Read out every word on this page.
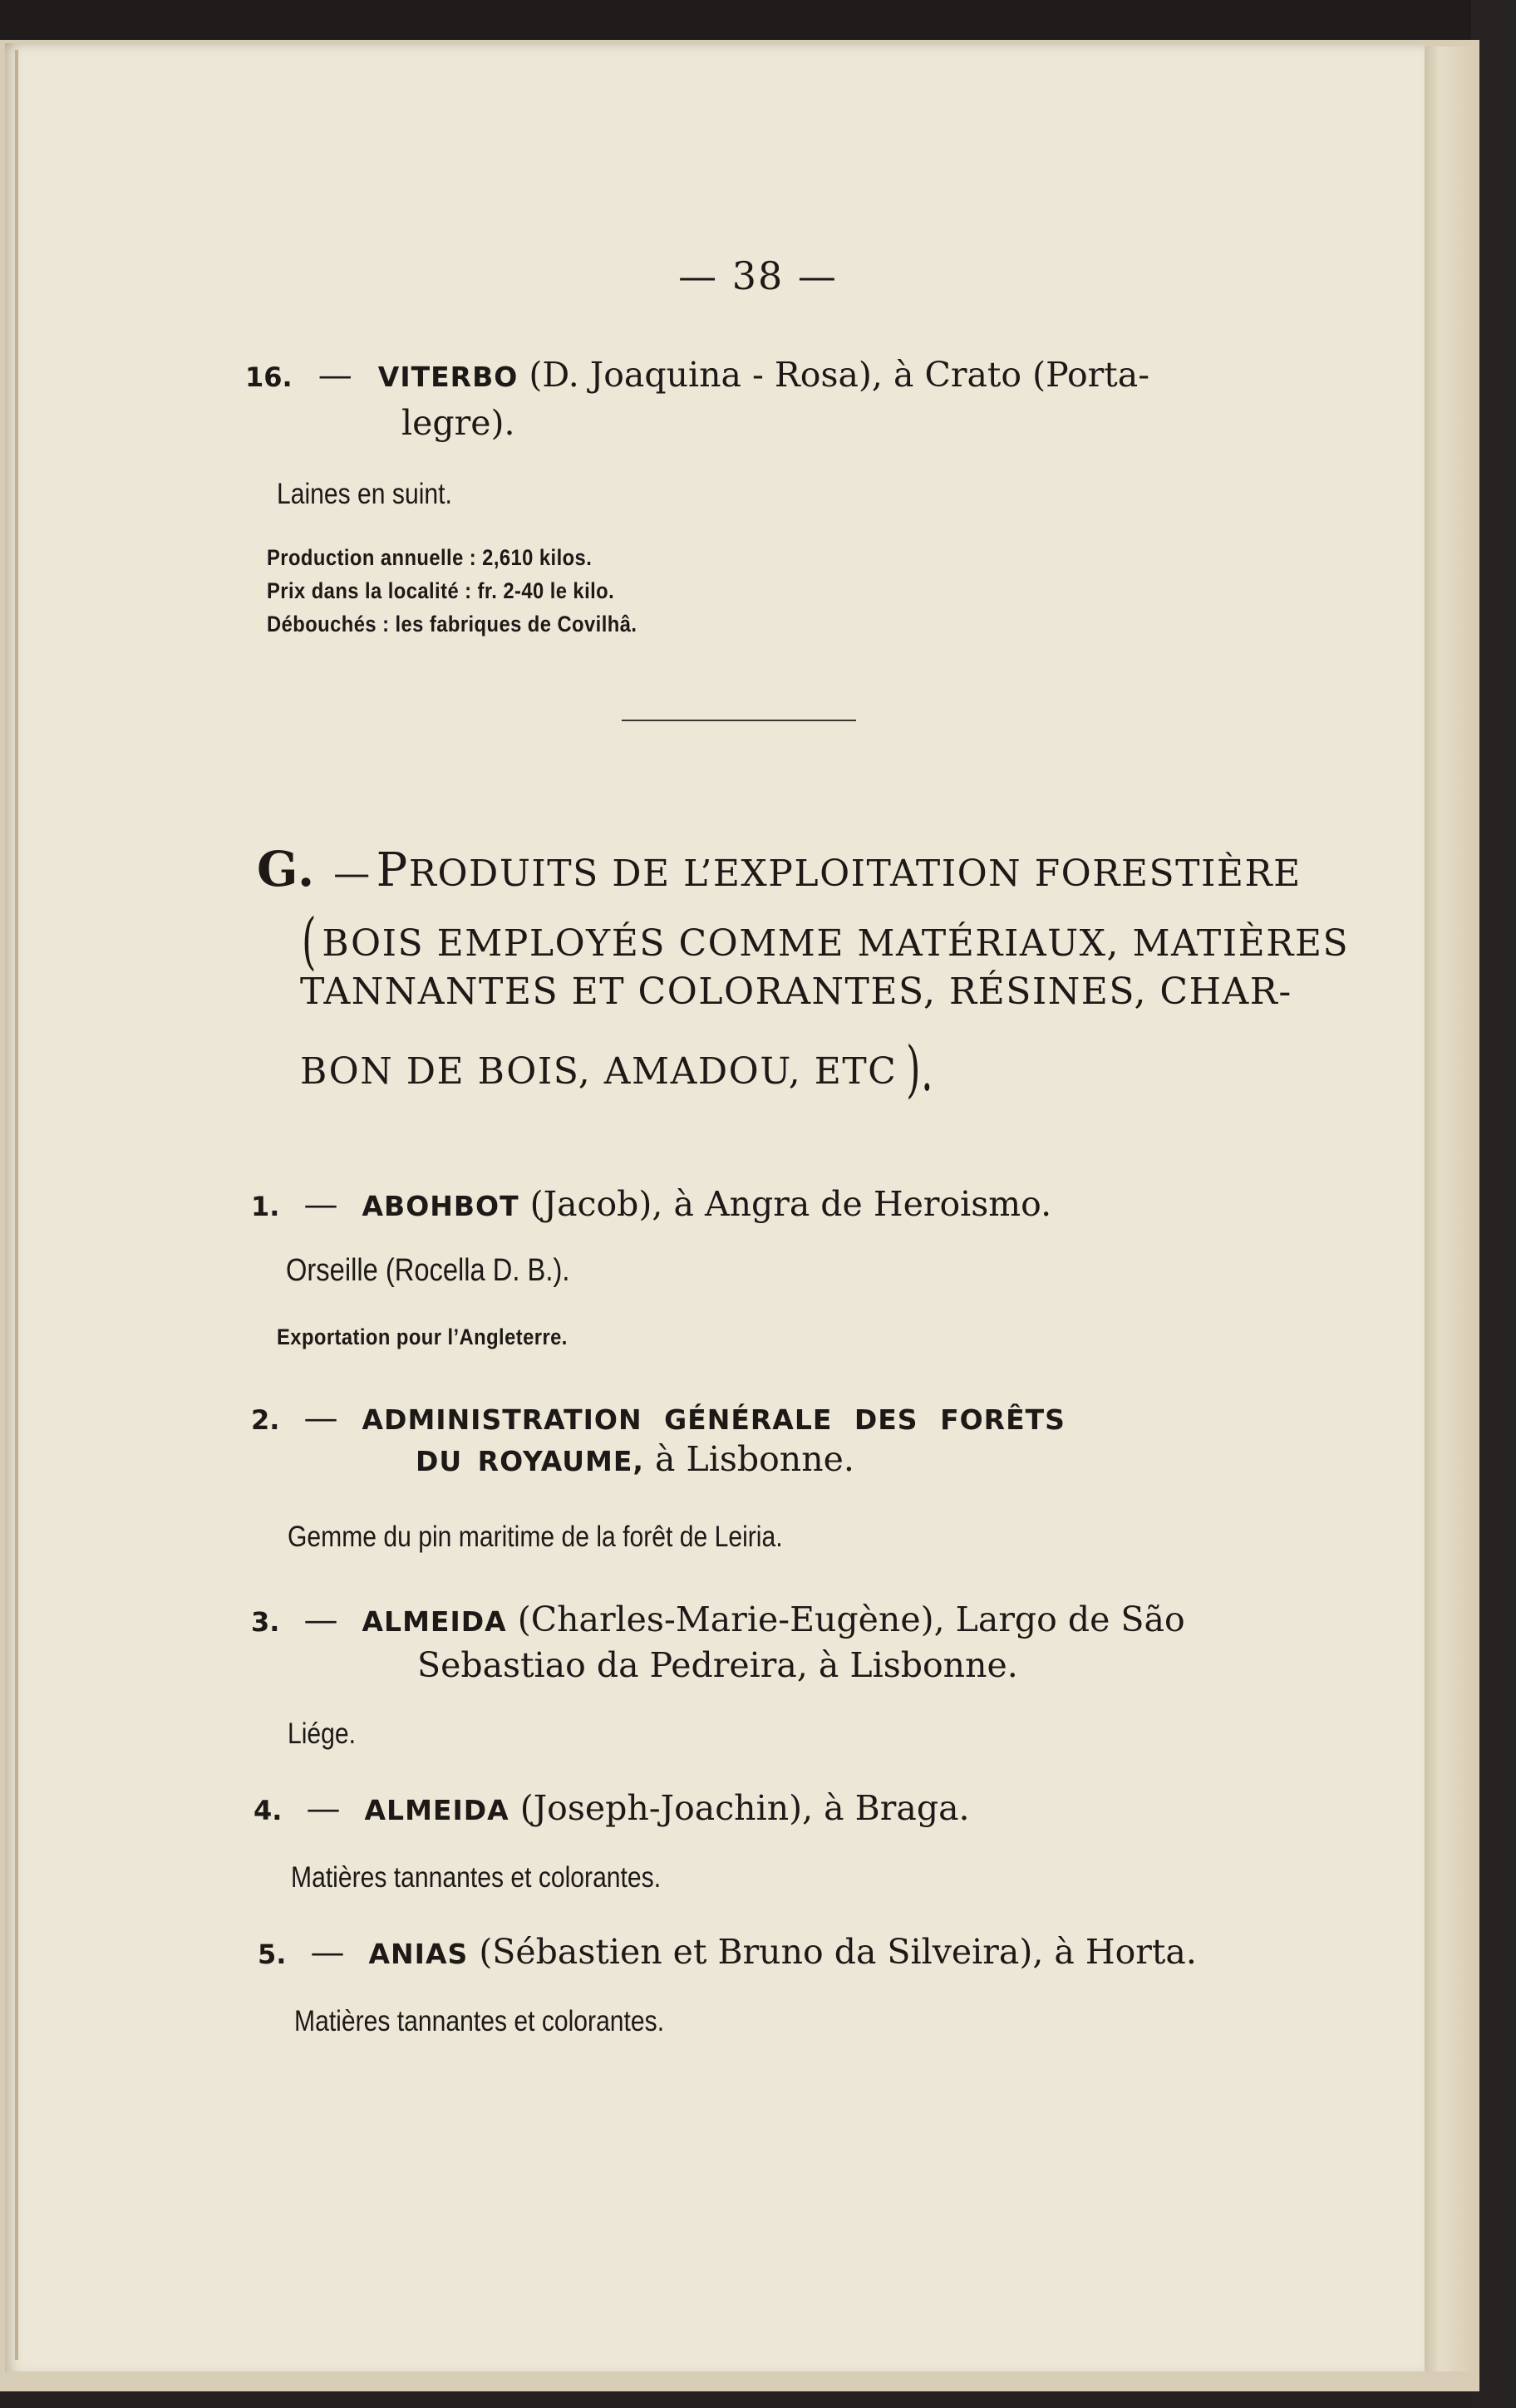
— 38 —
16. — VITERBO (D. Joaquina - Rosa), à Crato (Porta-
legre).
Laines en suint.
Production annuelle : 2,610 kilos.
Prix dans la localité : fr. 2-40 le kilo.
Débouchés : les fabriques de Covilhâ.
G. — PRODUITS DE L’EXPLOITATION FORESTIÈRE
( BOIS EMPLOYÉS COMME MATÉRIAUX, MATIÈRES
TANNANTES ET COLORANTES, RÉSINES, CHAR-
BON DE BOIS, AMADOU, ETC ).
1. — ABOHBOT (Jacob), à Angra de Heroismo.
Orseille (Rocella D. B.).
Exportation pour l’Angleterre.
2. — ADMINISTRATION GÉNÉRALE DES FORÊTS
DU ROYAUME, à Lisbonne.
Gemme du pin maritime de la forêt de Leiria.
3. — ALMEIDA (Charles-Marie-Eugène), Largo de São
Sebastiao da Pedreira, à Lisbonne.
Liége.
4. — ALMEIDA (Joseph-Joachin), à Braga.
Matières tannantes et colorantes.
5. — ANIAS (Sébastien et Bruno da Silveira), à Horta.
Matières tannantes et colorantes.
